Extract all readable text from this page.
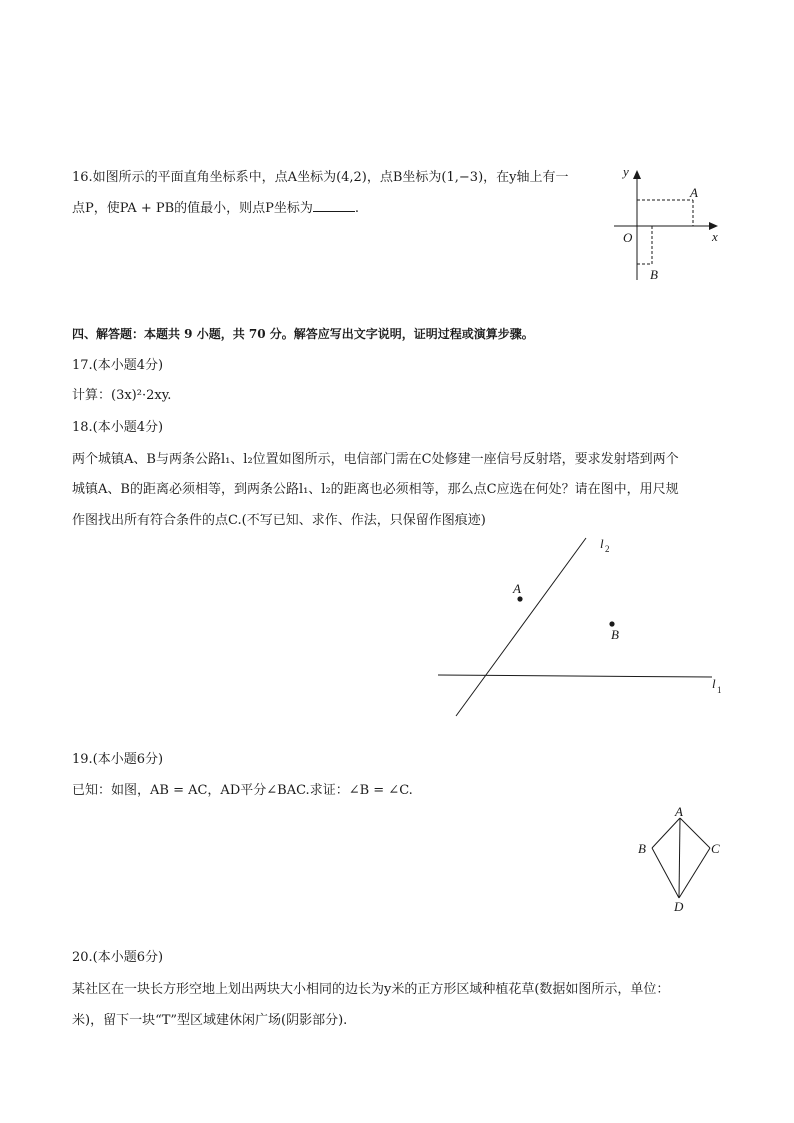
16.如图所示的平面直角坐标系中，点A坐标为(4,2)，点B坐标为(1,−3)，在y轴上有一
点P，使PA + PB的值最小，则点P坐标为	.
y
x
O
A
B
四、解答题：本题共 9 小题，共 70 分。解答应写出文字说明，证明过程或演算步骤。
17.(本小题4分)
计算：(3x)²·2xy.
18.(本小题4分)
两个城镇A、B与两条公路l₁、l₂位置如图所示，电信部门需在C处修建一座信号反射塔，要求发射塔到两个
城镇A、B的距离必须相等，到两条公路l₁、l₂的距离也必须相等，那么点C应选在何处？请在图中，用尺规
作图找出所有符合条件的点C.(不写已知、求作、作法，只保留作图痕迹)
A
B
l 2
l 1
19.(本小题6分)
已知：如图，AB = AC，AD平分∠BAC.求证：∠B = ∠C.
A
B	C
D
20.(本小题6分)
某社区在一块长方形空地上划出两块大小相同的边长为y米的正方形区域种植花草(数据如图所示，单位：
米)，留下一块“T”型区域建休闲广场(阴影部分).
